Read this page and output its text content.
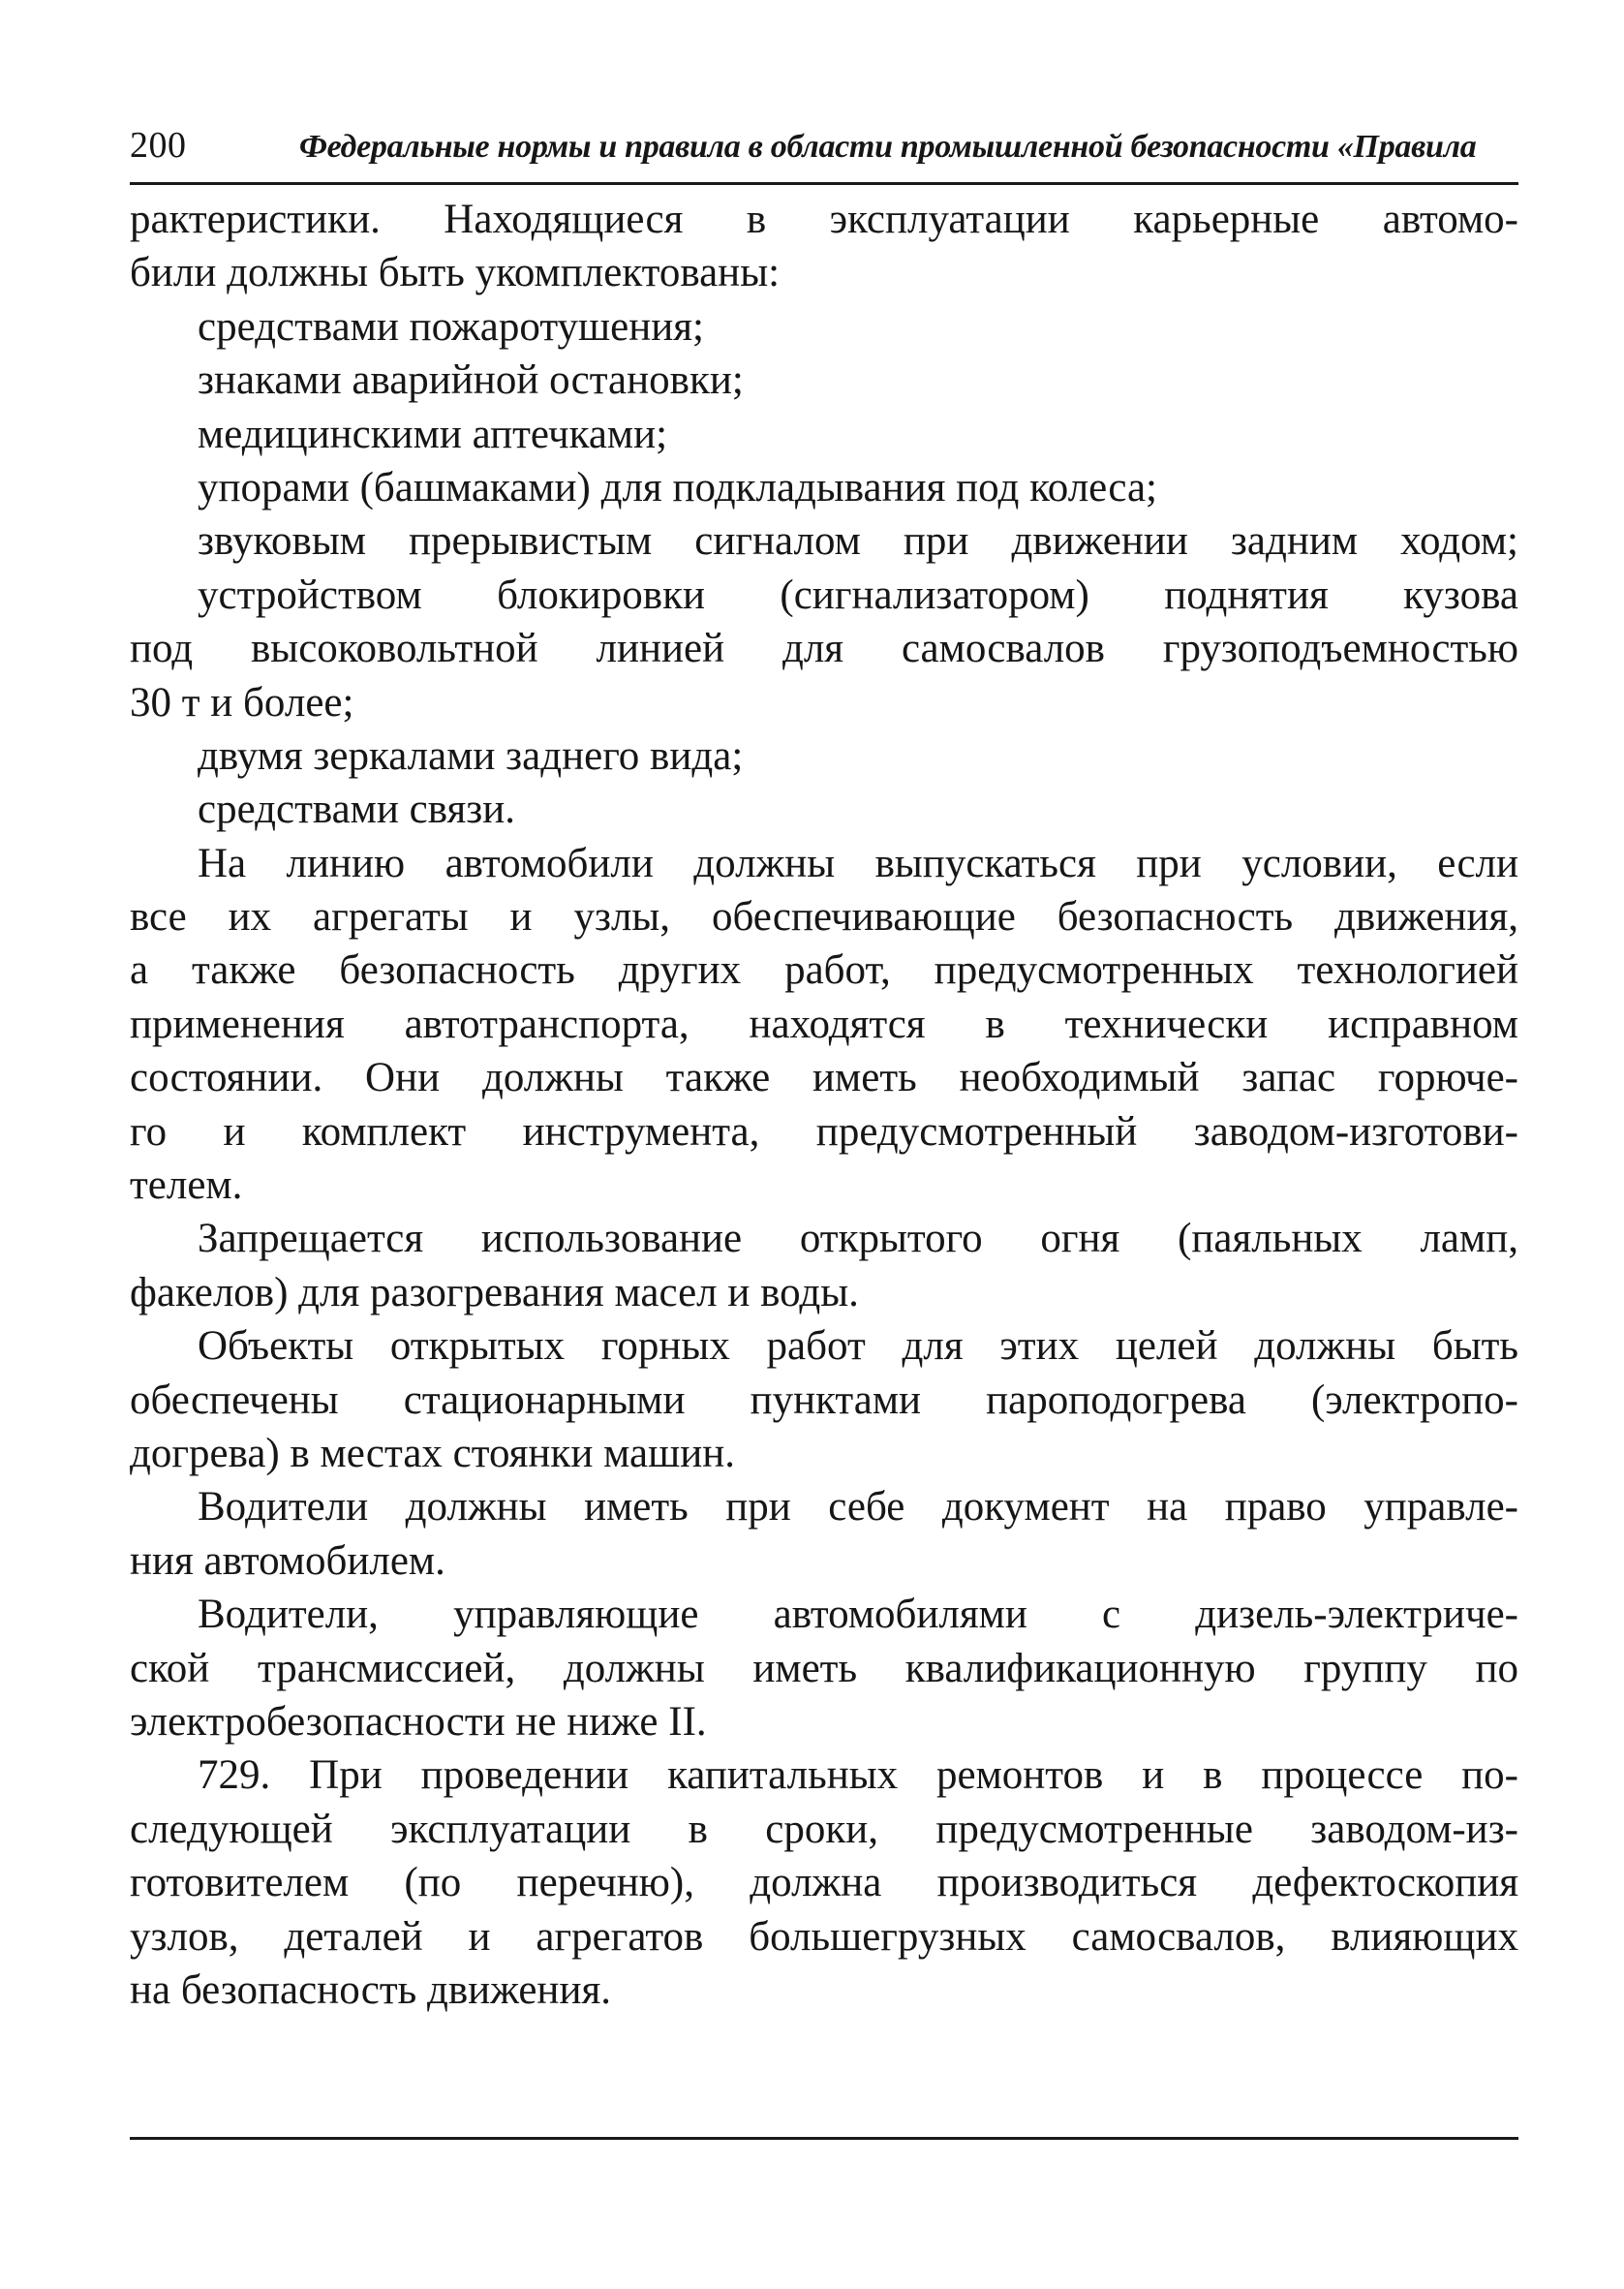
200	Федеральные нормы и правила в области промышленной безопасности «Правила
рактеристики. Находящиеся в эксплуатации карьерные автомо-
били должны быть укомплектованы:
средствами пожаротушения;
знаками аварийной остановки;
медицинскими аптечками;
упорами (башмаками) для подкладывания под колеса;
звуковым прерывистым сигналом при движении задним ходом;
устройством блокировки (сигнализатором) поднятия кузова
под высоковольтной линией для самосвалов грузоподъемностью
30 т и более;
двумя зеркалами заднего вида;
средствами связи.
На линию автомобили должны выпускаться при условии, если
все их агрегаты и узлы, обеспечивающие безопасность движения,
а также безопасность других работ, предусмотренных технологией
применения автотранспорта, находятся в технически исправном
состоянии. Они должны также иметь необходимый запас горюче-
го и комплект инструмента, предусмотренный заводом-изготови-
телем.
Запрещается использование открытого огня (паяльных ламп,
факелов) для разогревания масел и воды.
Объекты открытых горных работ для этих целей должны быть
обеспечены стационарными пунктами пароподогрева (электропо-
догрева) в местах стоянки машин.
Водители должны иметь при себе документ на право управле-
ния автомобилем.
Водители, управляющие автомобилями с дизель-электриче-
ской трансмиссией, должны иметь квалификационную группу по
электробезопасности не ниже II.
729. При проведении капитальных ремонтов и в процессе по-
следующей эксплуатации в сроки, предусмотренные заводом-из-
готовителем (по перечню), должна производиться дефектоскопия
узлов, деталей и агрегатов большегрузных самосвалов, влияющих
на безопасность движения.
